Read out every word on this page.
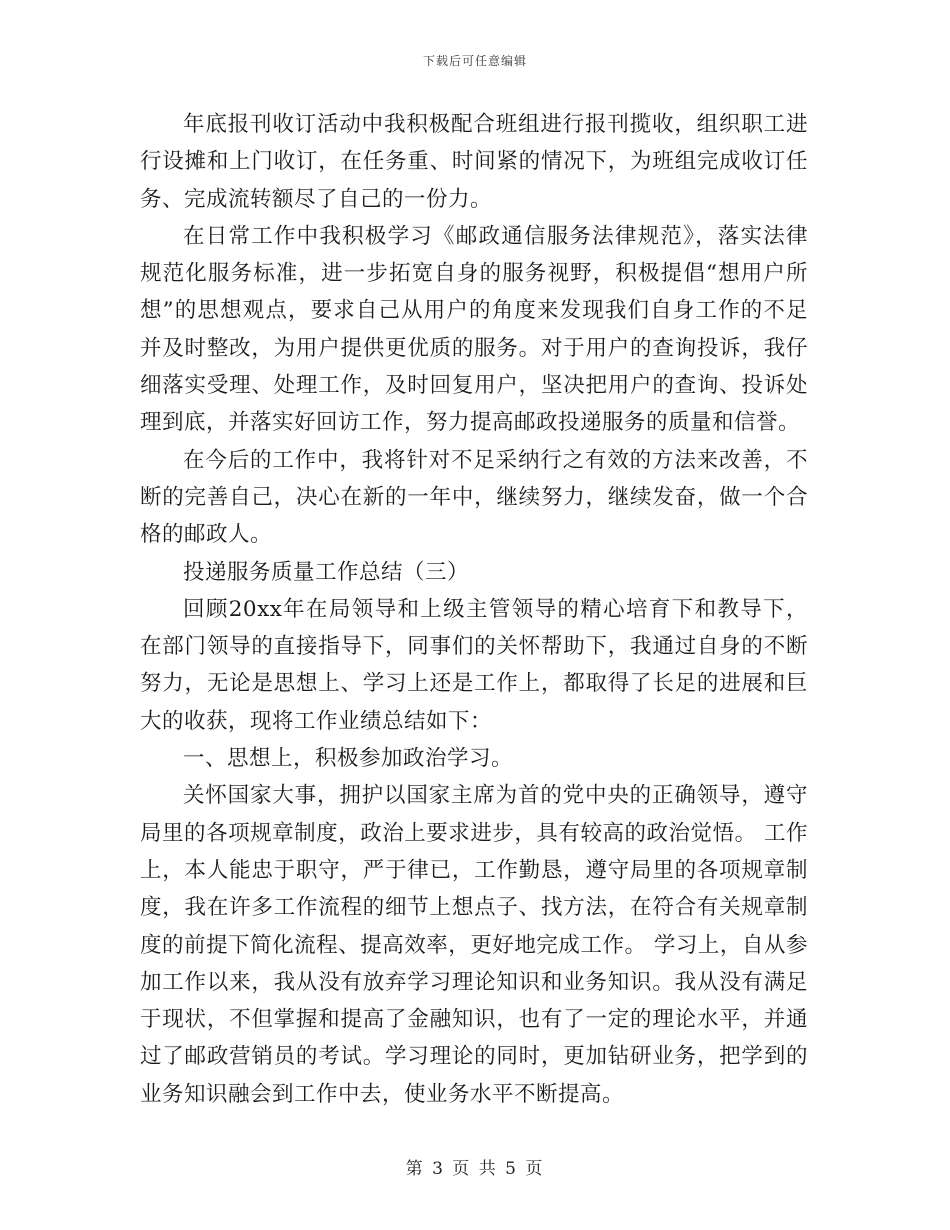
下载后可任意编辑

年底报刊收订活动中我积极配合班组进行报刊揽收，组织职工进行设摊和上门收订，在任务重、时间紧的情况下，为班组完成收订任务、完成流转额尽了自己的一份力。

在日常工作中我积极学习《邮政通信服务法律规范》，落实法律规范化服务标准，进一步拓宽自身的服务视野，积极提倡“想用户所想”的思想观点，要求自己从用户的角度来发现我们自身工作的不足并及时整改，为用户提供更优质的服务。对于用户的查询投诉，我仔细落实受理、处理工作，及时回复用户，坚决把用户的查询、投诉处理到底，并落实好回访工作，努力提高邮政投递服务的质量和信誉。

在今后的工作中，我将针对不足采纳行之有效的方法来改善，不断的完善自己，决心在新的一年中，继续努力，继续发奋，做一个合格的邮政人。

投递服务质量工作总结（三）

回顾20xx年在局领导和上级主管领导的精心培育下和教导下，在部门领导的直接指导下，同事们的关怀帮助下，我通过自身的不断努力，无论是思想上、学习上还是工作上，都取得了长足的进展和巨大的收获，现将工作业绩总结如下：

一、思想上，积极参加政治学习。

关怀国家大事，拥护以国家主席为首的党中央的正确领导，遵守局里的各项规章制度，政治上要求进步，具有较高的政治觉悟。 工作上，本人能忠于职守，严于律已，工作勤恳，遵守局里的各项规章制度，我在许多工作流程的细节上想点子、找方法，在符合有关规章制度的前提下简化流程、提高效率，更好地完成工作。 学习上，自从参加工作以来，我从没有放弃学习理论知识和业务知识。我从没有满足于现状，不但掌握和提高了金融知识，也有了一定的理论水平，并通过了邮政营销员的考试。学习理论的同时，更加钻研业务，把学到的业务知识融会到工作中去，使业务水平不断提高。

第 3 页 共 5 页
